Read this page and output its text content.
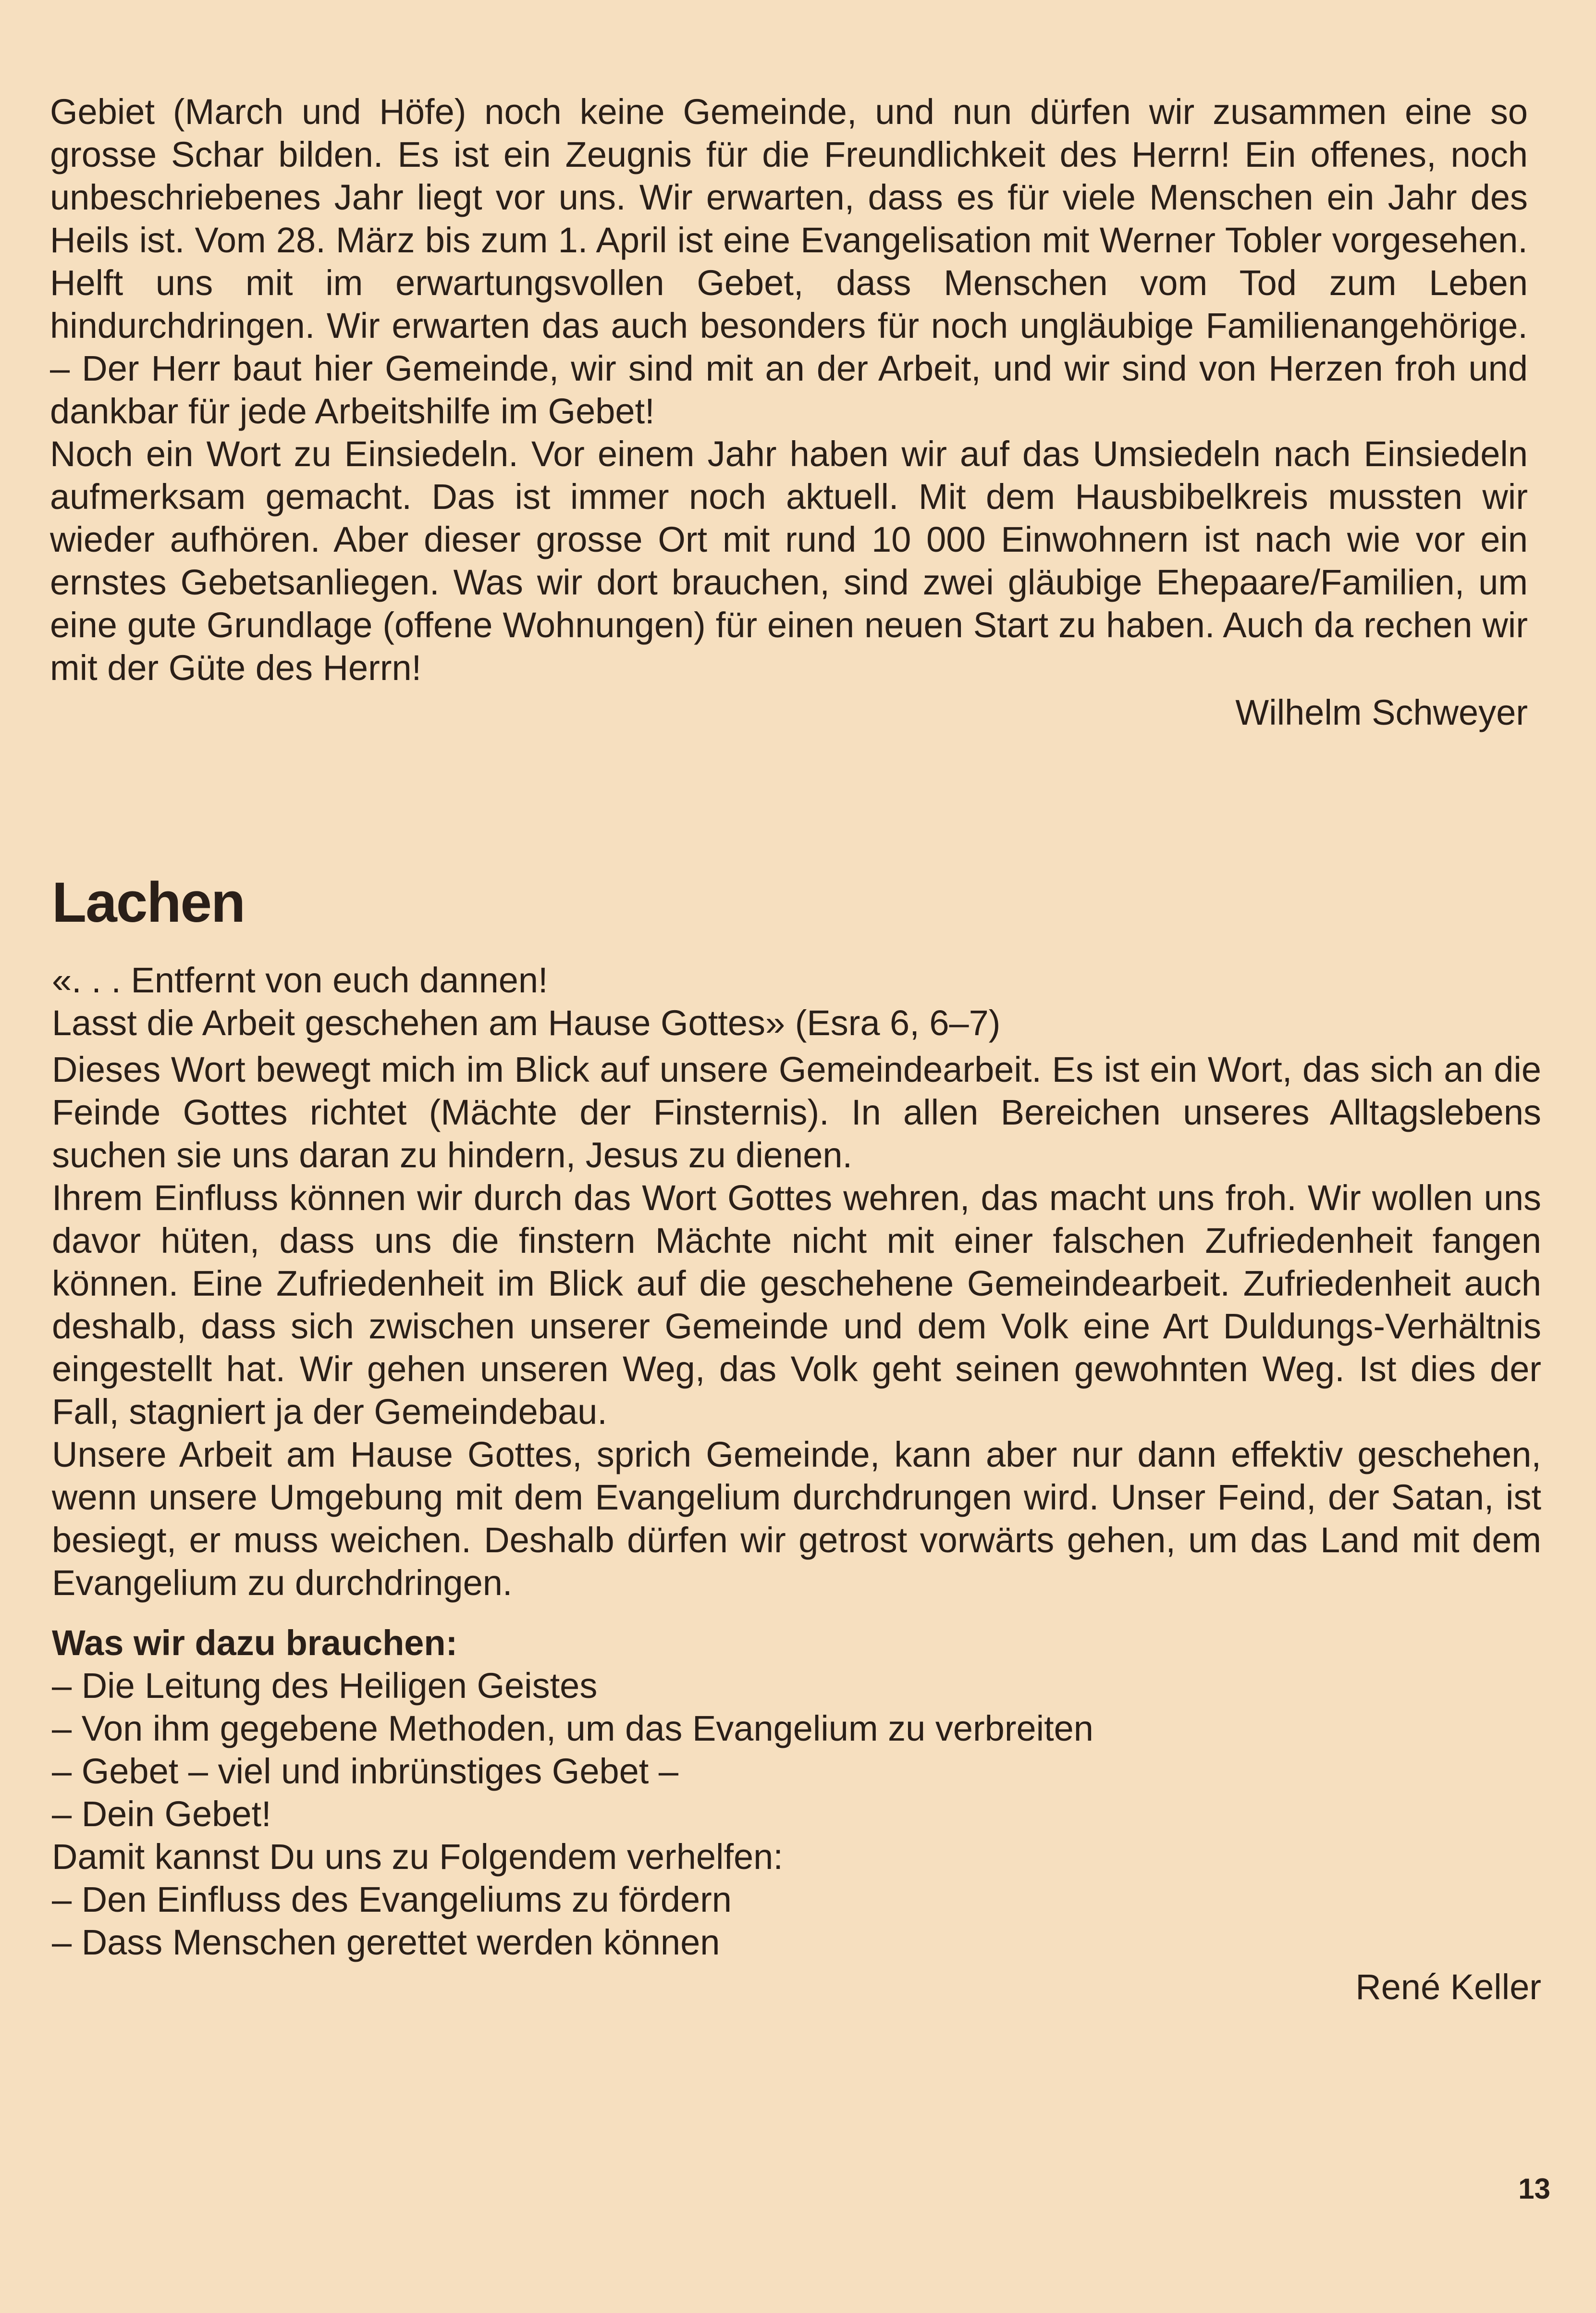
Gebiet (March und Höfe) noch keine Gemeinde, und nun dürfen wir zusammen eine so grosse Schar bilden. Es ist ein Zeugnis für die Freundlichkeit des Herrn! Ein offenes, noch unbeschriebenes Jahr liegt vor uns. Wir erwarten, dass es für viele Menschen ein Jahr des Heils ist. Vom 28. März bis zum 1. April ist eine Evangelisation mit Werner Tobler vorgesehen. Helft uns mit im erwartungsvollen Gebet, dass Menschen vom Tod zum Leben hindurchdringen. Wir erwarten das auch besonders für noch ungläubige Familienangehörige. – Der Herr baut hier Gemeinde, wir sind mit an der Arbeit, und wir sind von Herzen froh und dankbar für jede Arbeitshilfe im Gebet!

Noch ein Wort zu Einsiedeln. Vor einem Jahr haben wir auf das Umsiedeln nach Einsiedeln aufmerksam gemacht. Das ist immer noch aktuell. Mit dem Hausbibelkreis mussten wir wieder aufhören. Aber dieser grosse Ort mit rund 10 000 Einwohnern ist nach wie vor ein ernstes Gebetsanliegen. Was wir dort brauchen, sind zwei gläubige Ehepaare/Familien, um eine gute Grundlage (offene Wohnungen) für einen neuen Start zu haben. Auch da rechen wir mit der Güte des Herrn!

Wilhelm Schweyer

Lachen

«. . . Entfernt von euch dannen!

Lasst die Arbeit geschehen am Hause Gottes» (Esra 6, 6–7)

Dieses Wort bewegt mich im Blick auf unsere Gemeindearbeit. Es ist ein Wort, das sich an die Feinde Gottes richtet (Mächte der Finsternis). In allen Bereichen unseres Alltagslebens suchen sie uns daran zu hindern, Jesus zu dienen.

Ihrem Einfluss können wir durch das Wort Gottes wehren, das macht uns froh. Wir wollen uns davor hüten, dass uns die finstern Mächte nicht mit einer falschen Zufriedenheit fangen können. Eine Zufriedenheit im Blick auf die geschehene Gemeindearbeit. Zufriedenheit auch deshalb, dass sich zwischen unserer Gemeinde und dem Volk eine Art Duldungs-Verhältnis eingestellt hat. Wir gehen unseren Weg, das Volk geht seinen gewohnten Weg. Ist dies der Fall, stagniert ja der Gemeindebau.

Unsere Arbeit am Hause Gottes, sprich Gemeinde, kann aber nur dann effektiv geschehen, wenn unsere Umgebung mit dem Evangelium durchdrungen wird. Unser Feind, der Satan, ist besiegt, er muss weichen. Deshalb dürfen wir getrost vorwärts gehen, um das Land mit dem Evangelium zu durchdringen.

Was wir dazu brauchen:

– Die Leitung des Heiligen Geistes

– Von ihm gegebene Methoden, um das Evangelium zu verbreiten

– Gebet – viel und inbrünstiges Gebet –

– Dein Gebet!

Damit kannst Du uns zu Folgendem verhelfen:

– Den Einfluss des Evangeliums zu fördern

– Dass Menschen gerettet werden können

René Keller

13
